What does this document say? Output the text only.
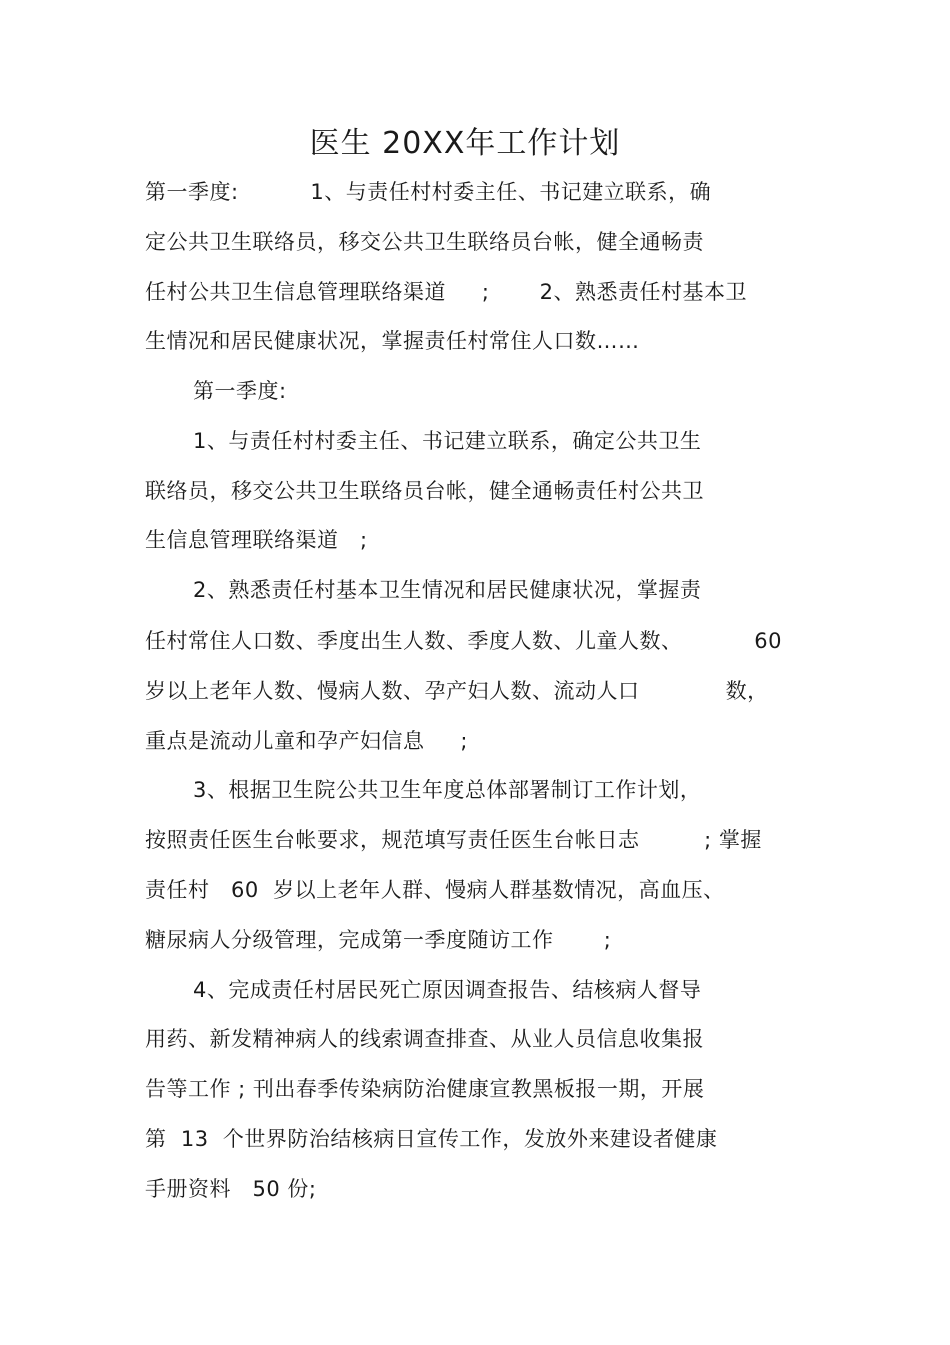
医生 20XX年工作计划
第一季度:          1、与责任村村委主任、书记建立联系，确
定公共卫生联络员，移交公共卫生联络员台帐，健全通畅责
任村公共卫生信息管理联络渠道     ;       2、熟悉责任村基本卫
生情况和居民健康状况，掌握责任村常住人口数……
第一季度:
1、与责任村村委主任、书记建立联系，确定公共卫生
联络员，移交公共卫生联络员台帐，健全通畅责任村公共卫
生信息管理联络渠道   ;
2、熟悉责任村基本卫生情况和居民健康状况，掌握责
任村常住人口数、季度出生人数、季度人数、儿童人数、          60
岁以上老年人数、慢病人数、孕产妇人数、流动人口            数，
重点是流动儿童和孕产妇信息     ;
3、根据卫生院公共卫生年度总体部署制订工作计划，
按照责任医生台帐要求，规范填写责任医生台帐日志         ; 掌握
责任村   60  岁以上老年人群、慢病人群基数情况，高血压、
糖尿病人分级管理，完成第一季度随访工作       ;
4、完成责任村居民死亡原因调查报告、结核病人督导
用药、新发精神病人的线索调查排查、从业人员信息收集报
告等工作 ; 刊出春季传染病防治健康宣教黑板报一期，开展
第  13  个世界防治结核病日宣传工作，发放外来建设者健康
手册资料   50 份;
